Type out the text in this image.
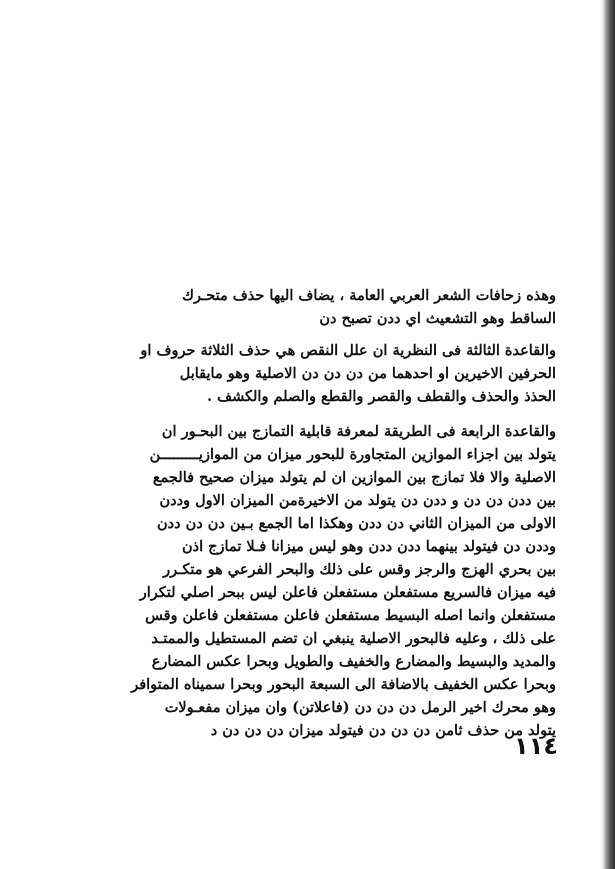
وهذه زحافات الشعر العربي العامة ، يضاف اليها حذف متحـرك
الساقط وهو التشعيث اي ددن تصبح دن

والقاعدة الثالثة فى النظرية ان علل النقص هي حذف الثلاثة حروف او
الحرفين الاخيرين او احدهما من دن دن دن الاصلية وهو مايقابل
الحذذ والحذف والقطف والقصر والقطع والصلم والكشف .

والقاعدة الرابعة فى الطريقة لمعرفة قابلية التمازج بين البحـور ان
يتولد بين اجزاء الموازين المتجاورة للبحور ميزان من الموازيـــــــــن
الاصلية والا فلا تمازج بين الموازين ان لم يتولد ميزان صحيح فالجمع
بين ددن دن دن و ددن دن يتولد من الاخيرةمن الميزان الاول وددن
الاولى من الميزان الثاني دن ددن وهكذا اما الجمع بـين دن دن ددن
وددن دن فيتولد بينهما ددن ددن وهو ليس ميزانا فـلا تمازج اذن
بين بحري الهزج والرجز وقس على ذلك والبحر الفرعي هو متكـرر
فيه ميزان فالسريع مستفعلن مستفعلن فاعلن ليس ببحر اصلي لتكرار
مستفعلن وانما اصله البسيط مستفعلن فاعلن مستفعلن فاعلن وقس
على ذلك ، وعليه فالبحور الاصلية ينبغي ان تضم المستطيل والممتـد
والمديد والبسيط والمضارع والخفيف والطويل وبحرا عكس المضارع
وبحرا عكس الخفيف بالاضافة الى السبعة البحور وبحرا سميناه المتوافر
وهو محرك اخير الرمل دن دن دن (فاعلاتن) وان ميزان مفعـولات
يتولد من حذف ثامن دن دن دن فيتولد ميزان دن دن دن د

١١٤
